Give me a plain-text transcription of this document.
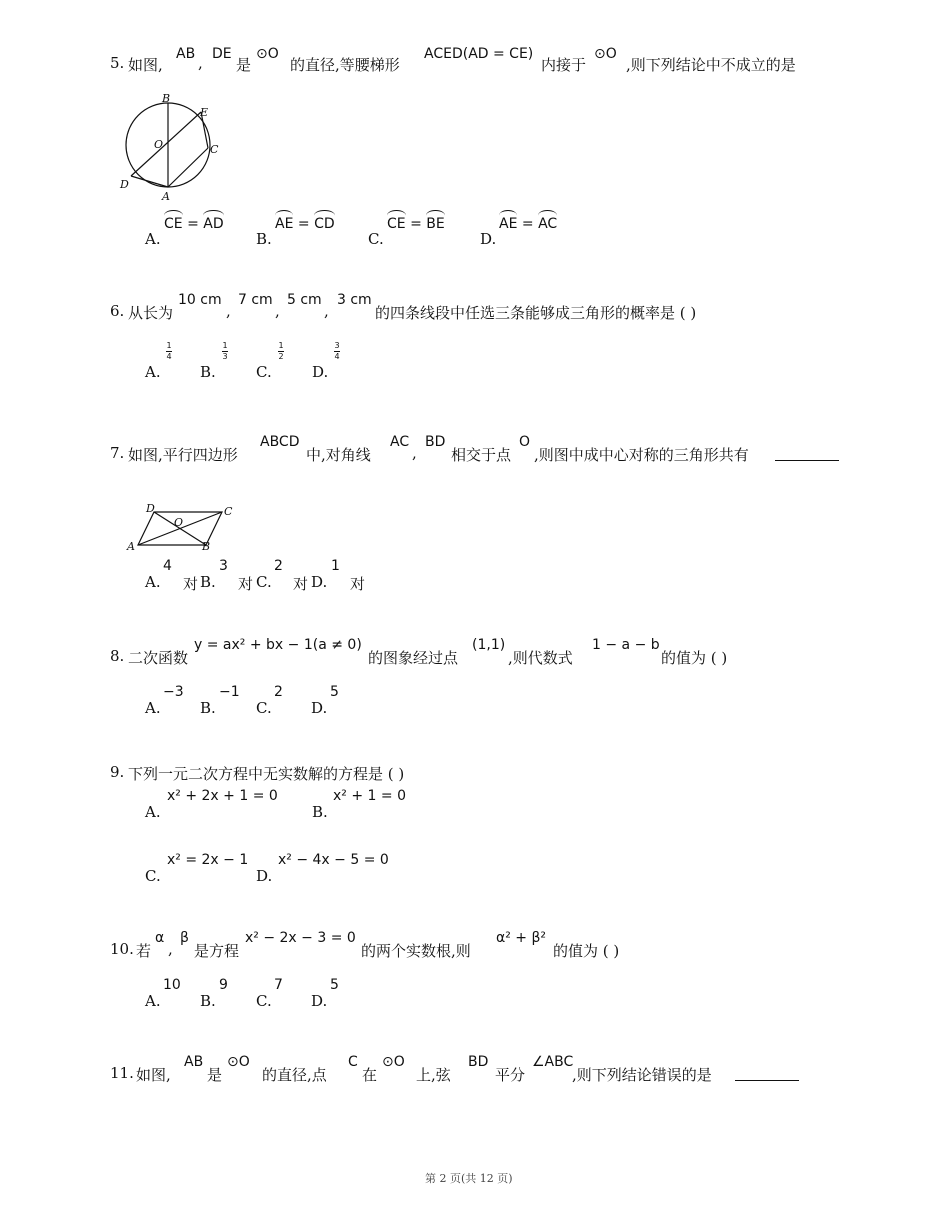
5. 如图,
AB , DE
是
⊙O
的直径,等腰梯形
ACED(AD = CE)
内接于
⊙O
,则下列结论中不成立的是
B
E
O	C
D
A
A.
CE = AD
B.
AE = CD
C.
CE = BE
D.
AE = AC
6. 从长为
10 cm
,
7 cm
,
5 cm
,
3 cm
的四条线段中任选三条能够成三角形的概率是 ( )
A.
1
4
B.
1
3
C.
1
2
D.
3
4
7. 如图,平行四边形
ABCD
中,对角线
AC
,
BD
相交于点
O
,则图中成中心对称的三角形共有
D	C
O
A	B
A.
4
对 B.
3
对 C.
2
对 D.
1
对
8. 二次函数
y = ax² + bx − 1(a ≠ 0)
的图象经过点
(1,1)
,则代数式
1 − a − b
的值为 ( )
A.
−3
B.
−1
C.
2
D.
5
9. 下列一元二次方程中无实数解的方程是 ( )
A.
x² + 2x + 1 = 0
B.
x² + 1 = 0
C.
x² = 2x − 1
D.
x² − 4x − 5 = 0
10. 若
α
,
β
是方程
x² − 2x − 3 = 0
的两个实数根,则
α² + β²
的值为 ( )
A.
10
B.
9
C.
7
D.
5
11. 如图,
AB
是
⊙O
的直径,点
C
在
⊙O
上,弦
BD
平分
∠ABC
,则下列结论错误的是
第 2 页(共 12 页)
